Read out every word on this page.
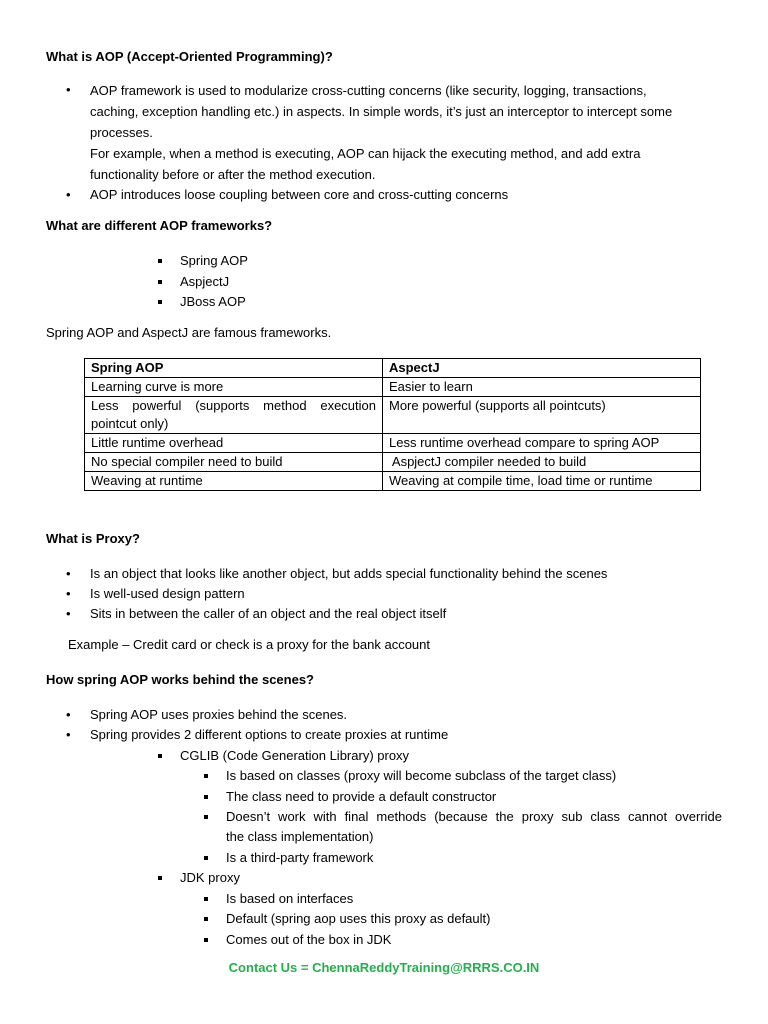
What is AOP (Accept-Oriented Programming)?
• AOP framework is used to modularize cross-cutting concerns (like security, logging, transactions,
caching, exception handling etc.) in aspects. In simple words, it’s just an interceptor to intercept some
processes.
For example, when a method is executing, AOP can hijack the executing method, and add extra
functionality before or after the method execution.
• AOP introduces loose coupling between core and cross-cutting concerns
What are different AOP frameworks?
Spring AOP
AspjectJ
JBoss AOP
Spring AOP and AspectJ are famous frameworks.
Spring AOP	AspectJ
Learning curve is more	Easier to learn
Less powerful (supports method execution pointcut only)	More powerful (supports all pointcuts)
Little runtime overhead	Less runtime overhead compare to spring AOP
No special compiler need to build	AspjectJ compiler needed to build
Weaving at runtime	Weaving at compile time, load time or runtime
What is Proxy?
• Is an object that looks like another object, but adds special functionality behind the scenes
• Is well-used design pattern
• Sits in between the caller of an object and the real object itself
Example – Credit card or check is a proxy for the bank account
How spring AOP works behind the scenes?
• Spring AOP uses proxies behind the scenes.
• Spring provides 2 different options to create proxies at runtime
CGLIB (Code Generation Library) proxy
Is based on classes (proxy will become subclass of the target class)
The class need to provide a default constructor
Doesn’t work with final methods (because the proxy sub class cannot override
the class implementation)
Is a third-party framework
JDK proxy
Is based on interfaces
Default (spring aop uses this proxy as default)
Comes out of the box in JDK
Contact Us = ChennaReddyTraining@RRRS.CO.IN
